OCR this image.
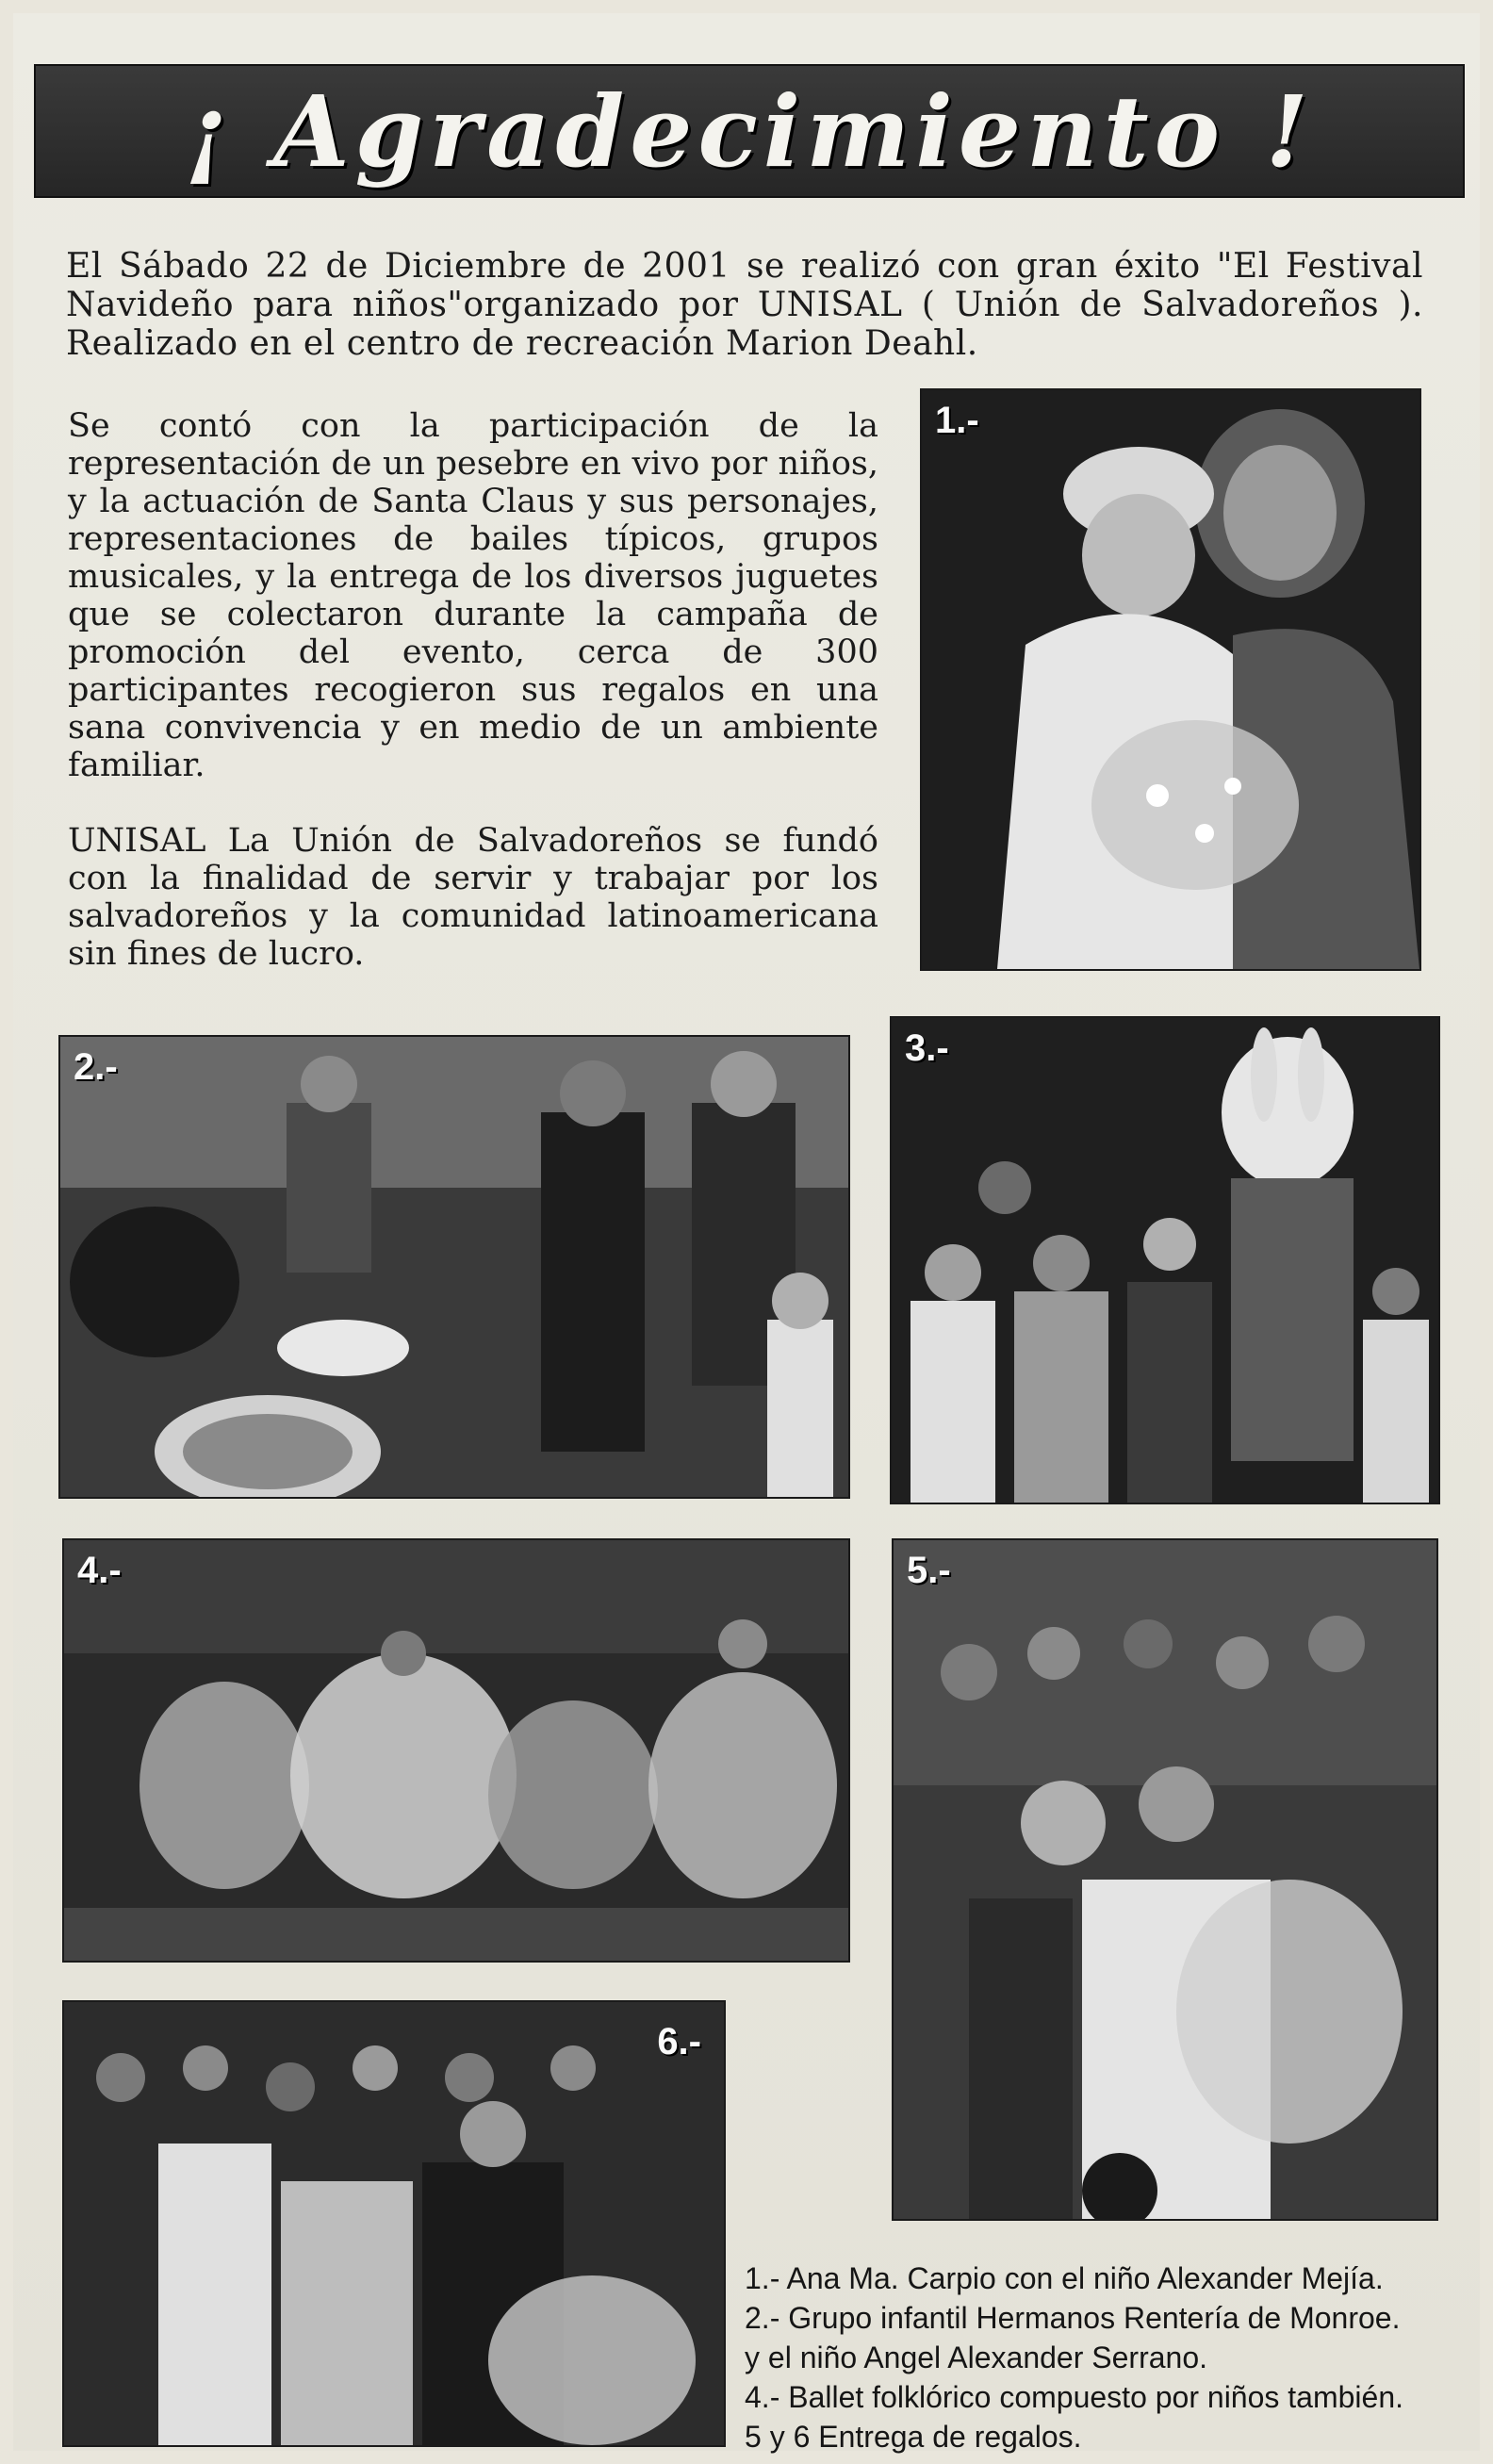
¡ Agradecimiento !

El Sábado 22 de Diciembre de 2001 se realizó con gran éxito "El Festival Navideño para niños"organizado por UNISAL ( Unión de Salvadoreños ). Realizado en el centro de recreación Marion Deahl.

Se contó con la participación de la representación de un pesebre en vivo por niños, y la actuación de Santa Claus y sus personajes, representaciones de bailes típicos, grupos musicales, y la entrega de los diversos juguetes que se colectaron durante la campaña de promoción del evento, cerca de 300 participantes recogieron sus regalos en una sana convivencia y en medio de un ambiente familiar.

UNISAL La Unión de Salvadoreños se fundó con la finalidad de servir y trabajar por los salvadoreños y la comunidad latinoamericana sin fines de lucro.

1.-
2.-	3.-
4.-	5.-
6.-
1.- Ana Ma. Carpio con el niño Alexander Mejía.
2.- Grupo infantil Hermanos Rentería de Monroe.
y el niño Angel Alexander Serrano.
4.- Ballet folklórico compuesto por niños también.
5 y 6 Entrega de regalos.
